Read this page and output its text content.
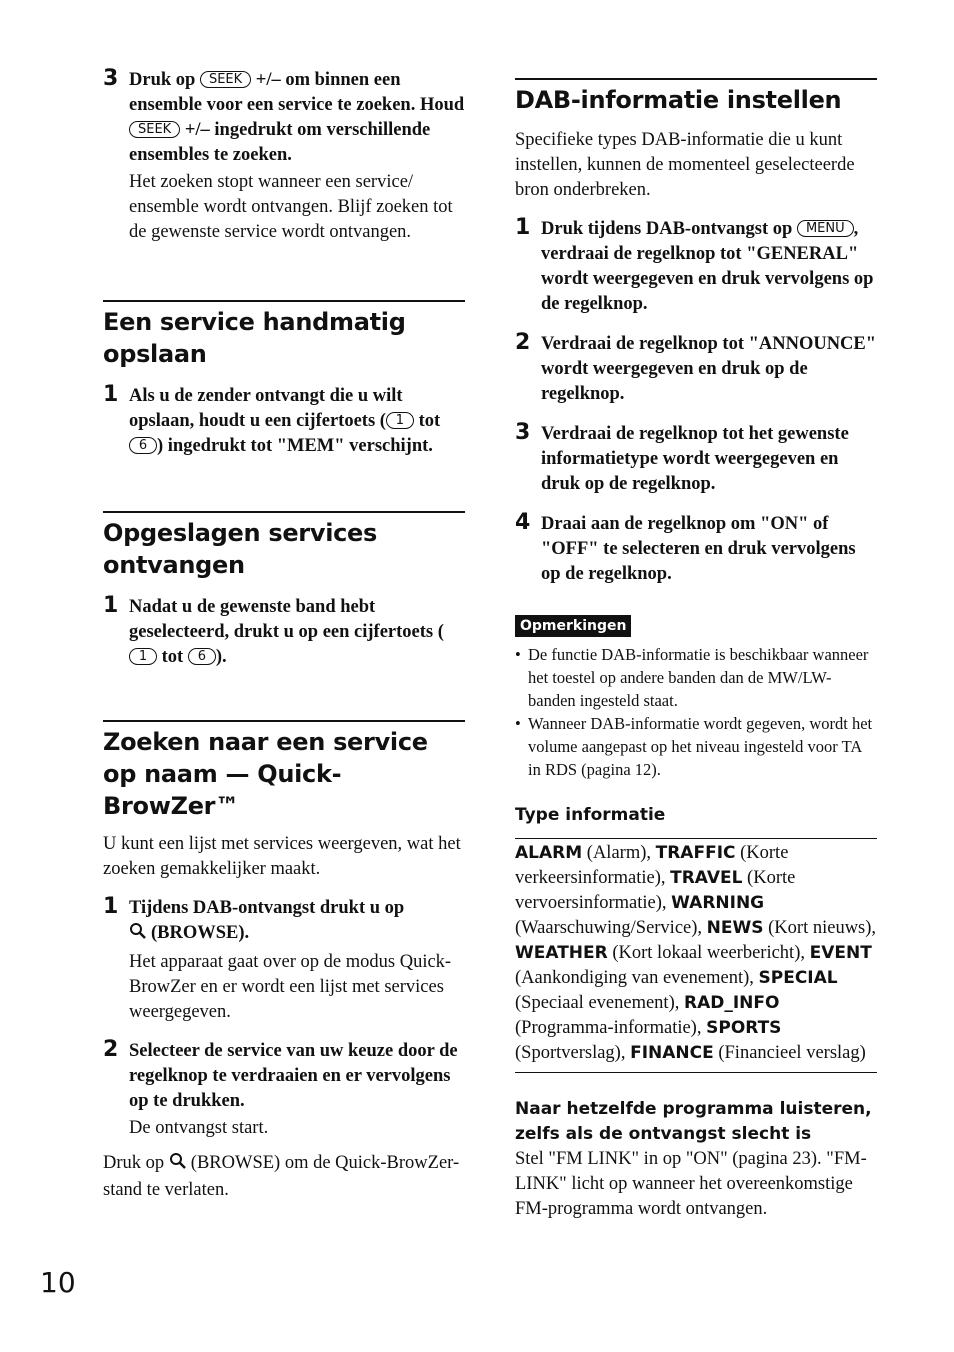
3 Druk op SEEK +/– om binnen een ensemble voor een service te zoeken. Houd SEEK +/– ingedrukt om verschillende ensembles te zoeken.
Het zoeken stopt wanneer een service/ ensemble wordt ontvangen. Blijf zoeken tot de gewenste service wordt ontvangen.
Een service handmatig opslaan
1 Als u de zender ontvangt die u wilt opslaan, houdt u een cijfertoets ( 1 tot 6 ) ingedrukt tot "MEM" verschijnt.
Opgeslagen services ontvangen
1 Nadat u de gewenste band hebt geselecteerd, drukt u op een cijfertoets (1 tot 6 ).
Zoeken naar een service op naam — Quick-BrowZer™
U kunt een lijst met services weergeven, wat het zoeken gemakkelijker maakt.
1 Tijdens DAB-ontvangst drukt u op
(BROWSE).
Het apparaat gaat over op de modus Quick-BrowZer en er wordt een lijst met services weergegeven.
2 Selecteer de service van uw keuze door de regelknop te verdraaien en er vervolgens op te drukken.
De ontvangst start.
Druk op (BROWSE) om de Quick-BrowZer-stand te verlaten.
DAB-informatie instellen
Specifieke types DAB-informatie die u kunt instellen, kunnen de momenteel geselecteerde bron onderbreken.
1 Druk tijdens DAB-ontvangst op MENU , verdraai de regelknop tot "GENERAL" wordt weergegeven en druk vervolgens op de regelknop.
2 Verdraai de regelknop tot "ANNOUNCE" wordt weergegeven en druk op de regelknop.
3 Verdraai de regelknop tot het gewenste informatietype wordt weergegeven en druk op de regelknop.
4 Draai aan de regelknop om "ON" of "OFF" te selecteren en druk vervolgens op de regelknop.
Opmerkingen
• De functie DAB-informatie is beschikbaar wanneer het toestel op andere banden dan de MW/LW-banden ingesteld staat.
• Wanneer DAB-informatie wordt gegeven, wordt het volume aangepast op het niveau ingesteld voor TA in RDS (pagina 12).
Type informatie
ALARM (Alarm), TRAFFIC (Korte verkeersinformatie), TRAVEL (Korte vervoersinformatie), WARNING (Waarschuwing/Service), NEWS (Kort nieuws), WEATHER (Kort lokaal weerbericht), EVENT (Aankondiging van evenement), SPECIAL (Speciaal evenement), RAD_INFO (Programma-informatie), SPORTS (Sportverslag), FINANCE (Financieel verslag)
Naar hetzelfde programma luisteren, zelfs als de ontvangst slecht is
Stel "FM LINK" in op "ON" (pagina 23). "FM-LINK" licht op wanneer het overeenkomstige FM-programma wordt ontvangen.
10
